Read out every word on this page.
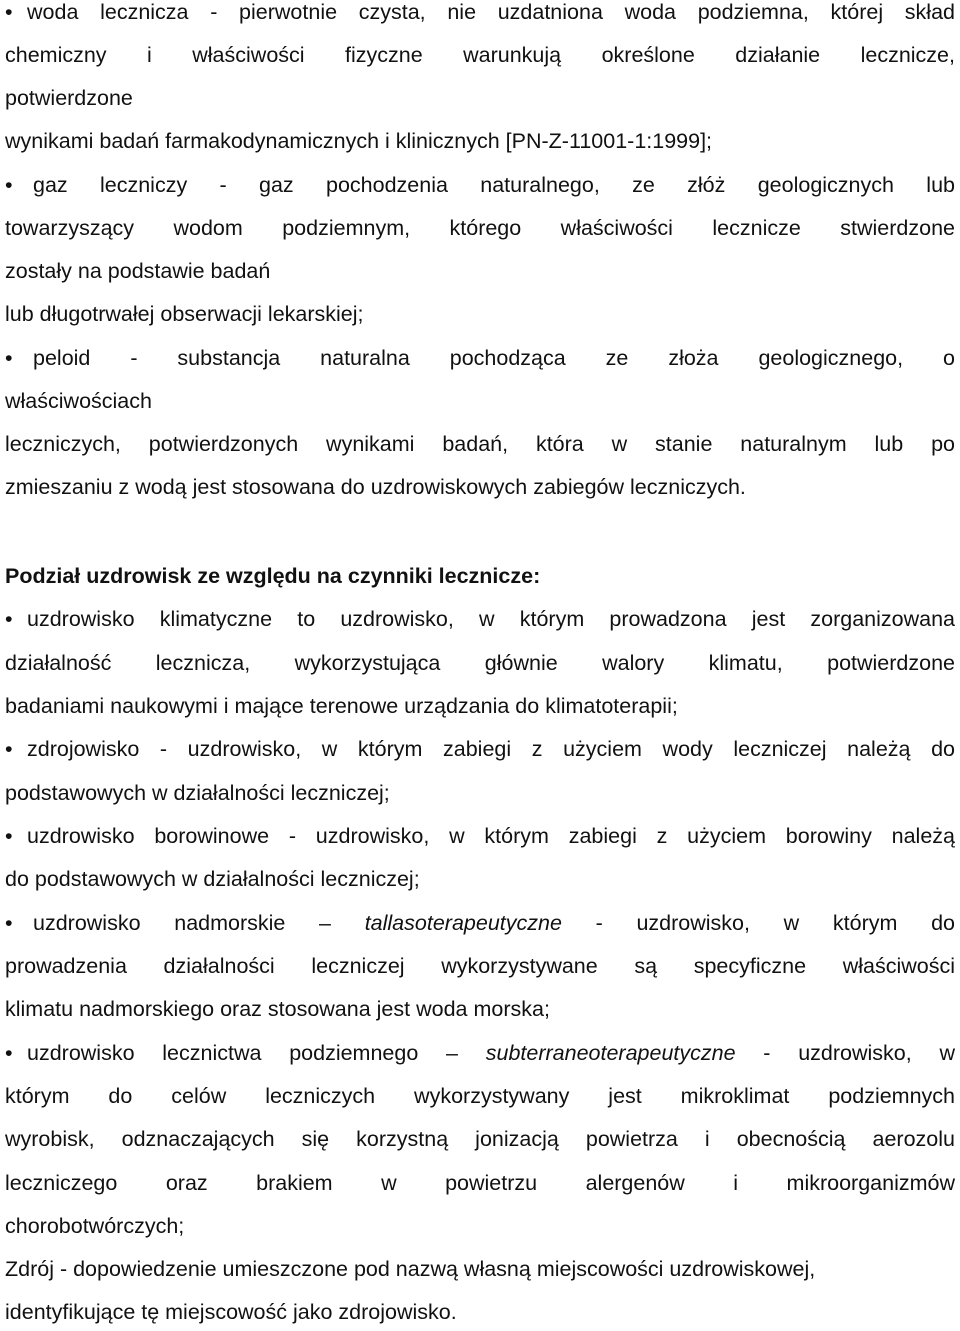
• woda lecznicza - pierwotnie czysta, nie uzdatniona woda podziemna, której skład
chemiczny i właściwości fizyczne warunkują określone działanie lecznicze,
potwierdzone
wynikami badań farmakodynamicznych i klinicznych [PN-Z-11001-1:1999];
• gaz leczniczy - gaz pochodzenia naturalnego, ze złóż geologicznych lub
towarzyszący wodom podziemnym, którego właściwości lecznicze stwierdzone
zostały na podstawie badań
lub długotrwałej obserwacji lekarskiej;
• peloid - substancja naturalna pochodząca ze złoża geologicznego, o
właściwościach
leczniczych, potwierdzonych wynikami badań, która w stanie naturalnym lub po
zmieszaniu z wodą jest stosowana do uzdrowiskowych zabiegów leczniczych.
Podział uzdrowisk ze względu na czynniki lecznicze:
• uzdrowisko klimatyczne to uzdrowisko, w którym prowadzona jest zorganizowana
działalność lecznicza, wykorzystująca głównie walory klimatu, potwierdzone
badaniami naukowymi i mające terenowe urządzania do klimatoterapii;
• zdrojowisko - uzdrowisko, w którym zabiegi z użyciem wody leczniczej należą do
podstawowych w działalności leczniczej;
• uzdrowisko borowinowe - uzdrowisko, w którym zabiegi z użyciem borowiny należą
do podstawowych w działalności leczniczej;
• uzdrowisko nadmorskie – tallasoterapeutyczne - uzdrowisko, w którym do
prowadzenia działalności leczniczej wykorzystywane są specyficzne właściwości
klimatu nadmorskiego oraz stosowana jest woda morska;
• uzdrowisko lecznictwa podziemnego – subterraneoterapeutyczne - uzdrowisko, w
którym do celów leczniczych wykorzystywany jest mikroklimat podziemnych
wyrobisk, odznaczających się korzystną jonizacją powietrza i obecnością aerozolu
leczniczego oraz brakiem w powietrzu alergenów i mikroorganizmów
chorobotwórczych;
Zdrój - dopowiedzenie umieszczone pod nazwą własną miejscowości uzdrowiskowej,
identyfikujące tę miejscowość jako zdrojowisko.
